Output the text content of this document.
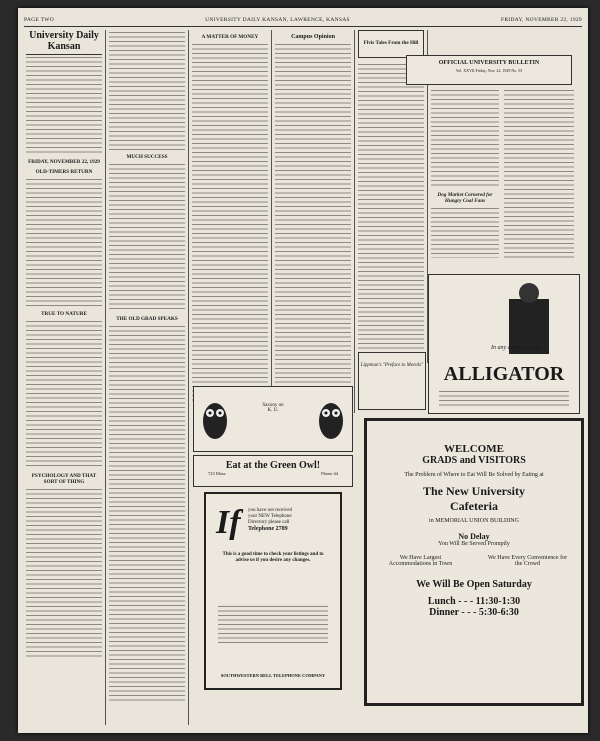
PAGE TWO	UNIVERSITY DAILY KANSAN, LAWRENCE, KANSAS	FRIDAY, NOVEMBER 22, 1929
University Daily Kansan
FRIDAY, NOVEMBER 22, 1929
OLD-TIMERS RETURN
TRUE TO NATURE
PSYCHOLOGY AND THAT SORT OF THING
MUCH SUCCESS
THE OLD GRAD SPEAKS
A MATTER OF MONEY	Campus Opinion
Flvis Tales From the Hill
OFFICIAL UNIVERSITY BULLETIN
Vol. XXVII Friday, Nov. 22, 1929 No. 55
Dog Market Cornered for Hungry Coal Fans
Saxony on
K. U.
Eat at the Green Owl!
723 Mass.	Phone 44
If you have not received
your NEW Telephone
Directory please call
Telephone 2789
This is a good time to check your listings and to advise us if you desire any changes.
SOUTHWESTERN BELL TELEPHONE COMPANY
Lippman's "Preface to Morals"
In any event wear an
ALLIGATOR
WELCOME
GRADS and VISITORS
The Problem of Where to Eat Will Be Solved by Eating at
The New University
Cafeteria
in MEMORIAL UNION BUILDING
No Delay
You Will Be Served Promptly
We Have Largest Accommodations in Town
We Have Every Convenience for the Crowd
We Will Be Open Saturday
Lunch - - - 11:30-1:30
Dinner - - - 5:30-6:30
